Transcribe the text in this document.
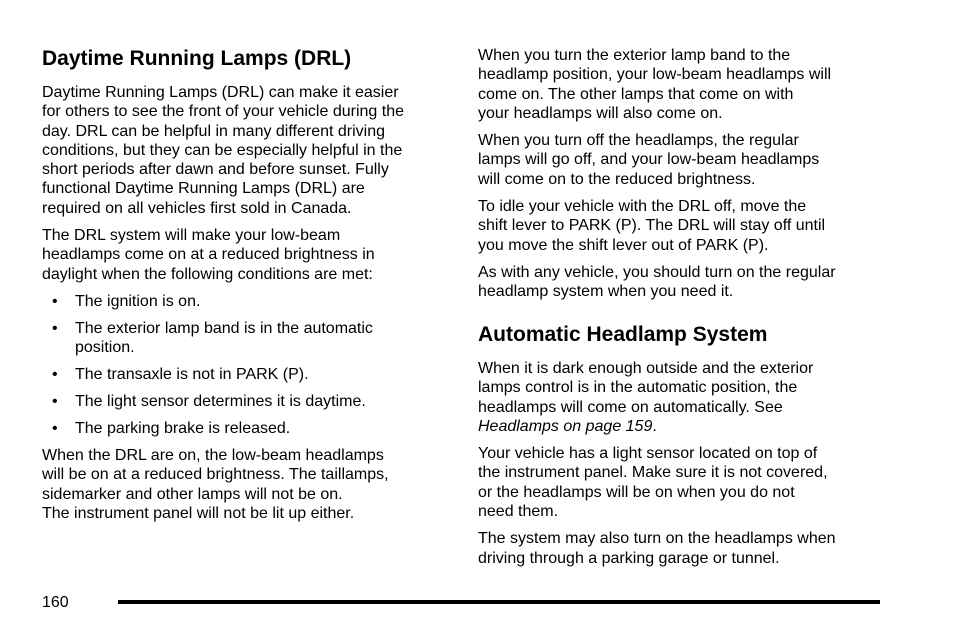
Daytime Running Lamps (DRL)

Daytime Running Lamps (DRL) can make it easier
for others to see the front of your vehicle during the
day. DRL can be helpful in many different driving
conditions, but they can be especially helpful in the
short periods after dawn and before sunset. Fully
functional Daytime Running Lamps (DRL) are
required on all vehicles first sold in Canada.

The DRL system will make your low-beam
headlamps come on at a reduced brightness in
daylight when the following conditions are met:

• The ignition is on.
• The exterior lamp band is in the automatic
position.
• The transaxle is not in PARK (P).
• The light sensor determines it is daytime.
• The parking brake is released.

When the DRL are on, the low-beam headlamps
will be on at a reduced brightness. The taillamps,
sidemarker and other lamps will not be on.
The instrument panel will not be lit up either.

When you turn the exterior lamp band to the
headlamp position, your low-beam headlamps will
come on. The other lamps that come on with
your headlamps will also come on.

When you turn off the headlamps, the regular
lamps will go off, and your low-beam headlamps
will come on to the reduced brightness.

To idle your vehicle with the DRL off, move the
shift lever to PARK (P). The DRL will stay off until
you move the shift lever out of PARK (P).

As with any vehicle, you should turn on the regular
headlamp system when you need it.

Automatic Headlamp System

When it is dark enough outside and the exterior
lamps control is in the automatic position, the
headlamps will come on automatically. See
Headlamps on page 159.

Your vehicle has a light sensor located on top of
the instrument panel. Make sure it is not covered,
or the headlamps will be on when you do not
need them.

The system may also turn on the headlamps when
driving through a parking garage or tunnel.

160
